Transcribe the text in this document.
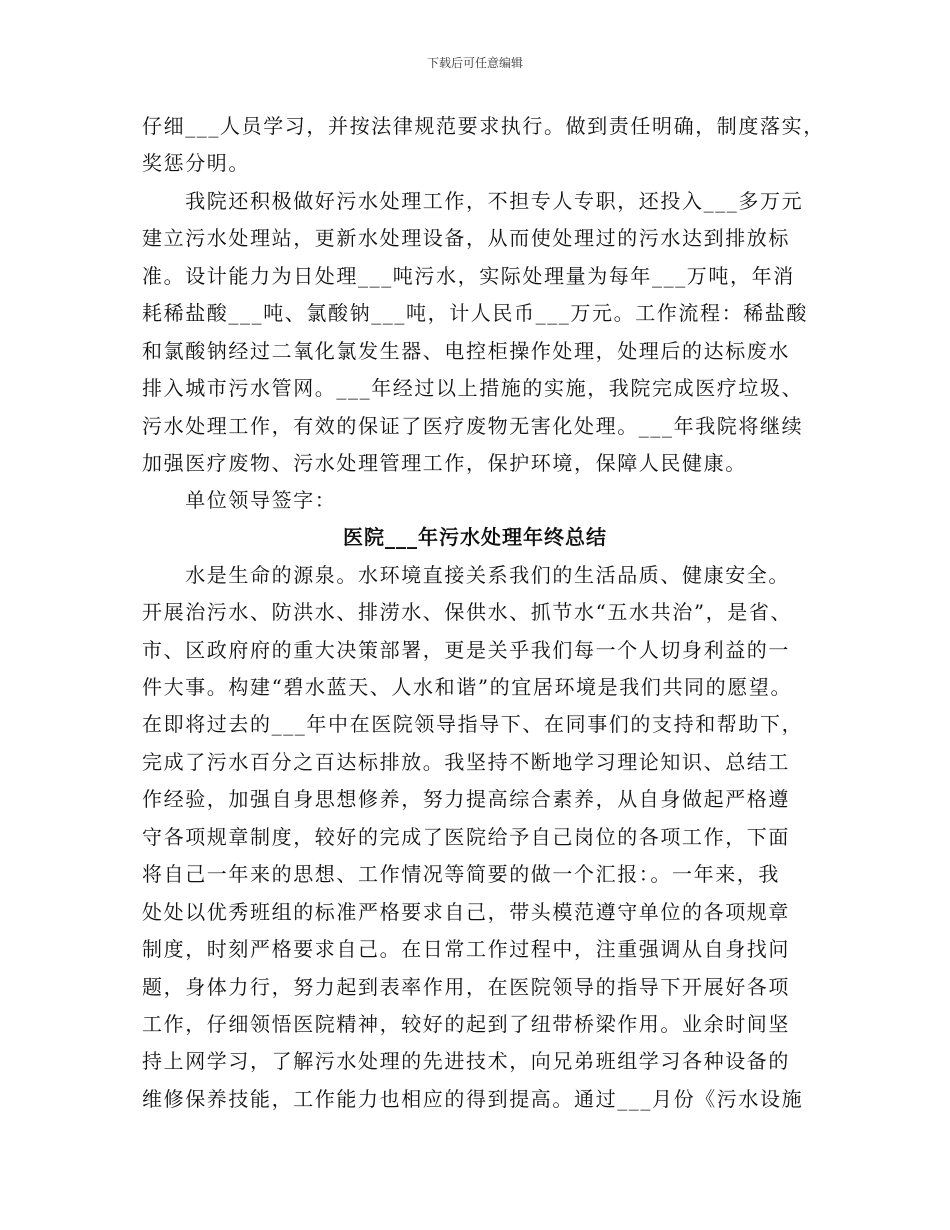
下载后可任意编辑
仔细___人员学习，并按法律规范要求执行。做到责任明确，制度落实，
奖惩分明。
　　我院还积极做好污水处理工作，不担专人专职，还投入___多万元
建立污水处理站，更新水处理设备，从而使处理过的污水达到排放标
准。设计能力为日处理___吨污水，实际处理量为每年___万吨，年消
耗稀盐酸___吨、氯酸钠___吨，计人民币___万元。工作流程：稀盐酸
和氯酸钠经过二氧化氯发生器、电控柜操作处理，处理后的达标废水
排入城市污水管网。___年经过以上措施的实施，我院完成医疗垃圾、
污水处理工作，有效的保证了医疗废物无害化处理。___年我院将继续
加强医疗废物、污水处理管理工作，保护环境，保障人民健康。
　　单位领导签字：
医院___年污水处理年终总结
　　水是生命的源泉。水环境直接关系我们的生活品质、健康安全。
开展治污水、防洪水、排涝水、保供水、抓节水“五水共治”，是省、
市、区政府府的重大决策部署，更是关乎我们每一个人切身利益的一
件大事。构建“碧水蓝天、人水和谐”的宜居环境是我们共同的愿望。
在即将过去的___年中在医院领导指导下、在同事们的支持和帮助下，
完成了污水百分之百达标排放。我坚持不断地学习理论知识、总结工
作经验，加强自身思想修养，努力提高综合素养，从自身做起严格遵
守各项规章制度，较好的完成了医院给予自己岗位的各项工作，下面
将自己一年来的思想、工作情况等简要的做一个汇报：。一年来，我
处处以优秀班组的标准严格要求自己，带头模范遵守单位的各项规章
制度，时刻严格要求自己。在日常工作过程中，注重强调从自身找问
题，身体力行，努力起到表率作用，在医院领导的指导下开展好各项
工作，仔细领悟医院精神，较好的起到了纽带桥梁作用。业余时间坚
持上网学习，了解污水处理的先进技术，向兄弟班组学习各种设备的
维修保养技能，工作能力也相应的得到提高。通过___月份《污水设施
